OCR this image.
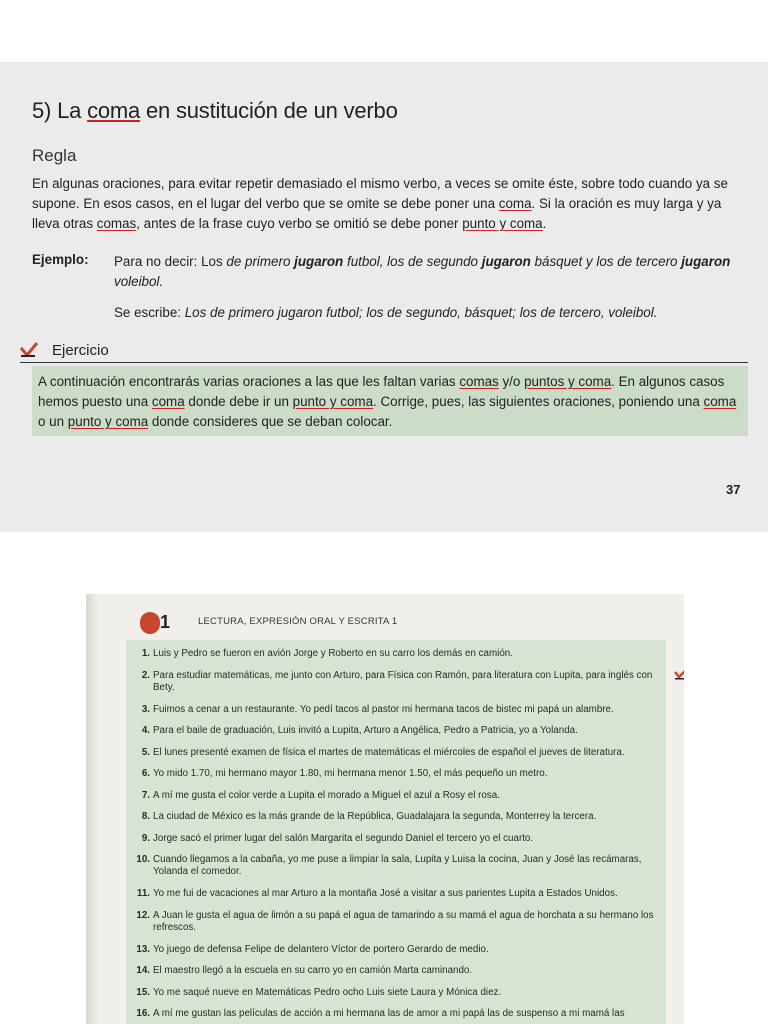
5) La coma en sustitución de un verbo
Regla
En algunas oraciones, para evitar repetir demasiado el mismo verbo, a veces se omite éste, sobre todo cuando ya se supone. En esos casos, en el lugar del verbo que se omite se debe poner una coma. Si la oración es muy larga y ya lleva otras comas, antes de la frase cuyo verbo se omitió se debe poner punto y coma.
Ejemplo: Para no decir: Los de primero jugaron futbol, los de segundo jugaron básquet y los de tercero jugaron voleibol.
Se escribe: Los de primero jugaron futbol; los de segundo, básquet; los de tercero, voleibol.
Ejercicio
A continuación encontrarás varias oraciones a las que les faltan varias comas y/o puntos y coma. En algunos casos hemos puesto una coma donde debe ir un punto y coma. Corrige, pues, las siguientes oraciones, poniendo una coma o un punto y coma donde consideres que se deban colocar.
37
1	LECTURA, EXPRESIÓN ORAL Y ESCRITA 1
1. Luis y Pedro se fueron en avión Jorge y Roberto en su carro los demás en camión.
2. Para estudiar matemáticas, me junto con Arturo, para Física con Ramón, para literatura con Lupita, para inglés con Bety.
3. Fuimos a cenar a un restaurante. Yo pedí tacos al pastor mi hermana tacos de bistec mi papá un alambre.
4. Para el baile de graduación, Luis invitó a Lupita, Arturo a Angélica, Pedro a Patricia, yo a Yolanda.
5. El lunes presenté examen de física el martes de matemáticas el miércoles de español el jueves de literatura.
6. Yo mido 1.70, mi hermano mayor 1.80, mi hermana menor 1.50, el más pequeño un metro.
7. A mí me gusta el color verde a Lupita el morado a Miguel el azul a Rosy el rosa.
8. La ciudad de México es la más grande de la República, Guadalajara la segunda, Monterrey la tercera.
9. Jorge sacó el primer lugar del salón Margarita el segundo Daniel el tercero yo el cuarto.
10. Cuando llegamos a la cabaña, yo me puse a limpiar la sala, Lupita y Luisa la cocina, Juan y José las recámaras, Yolanda el comedor.
11. Yo me fui de vacaciones al mar Arturo a la montaña José a visitar a sus parientes Lupita a Estados Unidos.
12. A Juan le gusta el agua de limón a su papá el agua de tamarindo a su mamá el agua de horchata a su hermano los refrescos.
13. Yo juego de defensa Felipe de delantero Víctor de portero Gerardo de medio.
14. El maestro llegó a la escuela en su carro yo en camión Marta caminando.
15. Yo me saqué nueve en Matemáticas Pedro ocho Luis siete Laura y Mónica diez.
16. A mí me gustan las películas de acción a mi hermana las de amor a mi papá las de suspenso a mi mamá las
